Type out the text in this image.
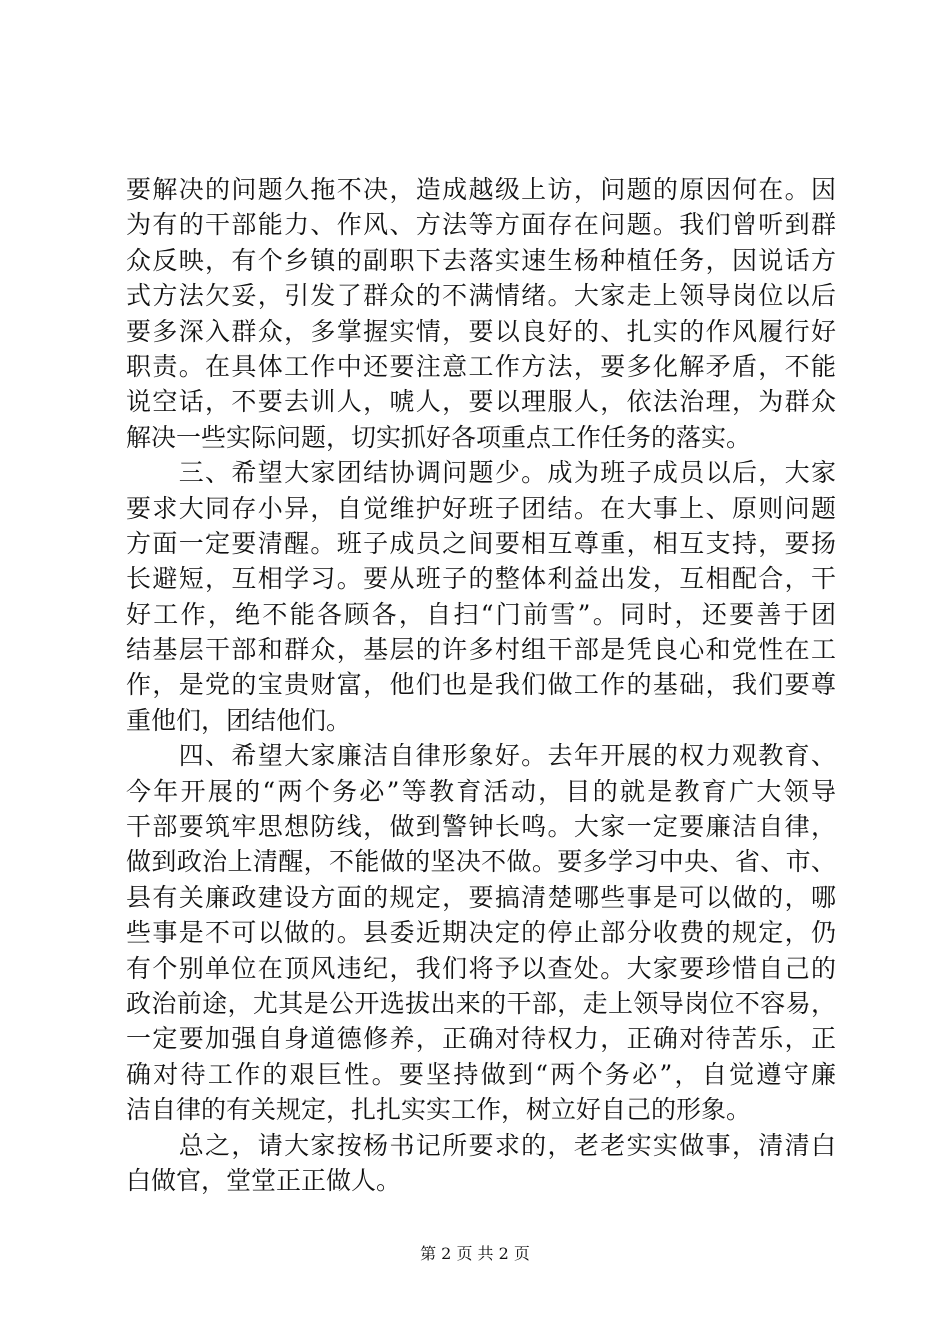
要解决的问题久拖不决，造成越级上访，问题的原因何在。因
为有的干部能力、作风、方法等方面存在问题。我们曾听到群
众反映，有个乡镇的副职下去落实速生杨种植任务，因说话方
式方法欠妥，引发了群众的不满情绪。大家走上领导岗位以后
要多深入群众，多掌握实情，要以良好的、扎实的作风履行好
职责。在具体工作中还要注意工作方法，要多化解矛盾，不能
说空话，不要去训人，唬人，要以理服人，依法治理，为群众
解决一些实际问题，切实抓好各项重点工作任务的落实。
　　三、希望大家团结协调问题少。成为班子成员以后，大家
要求大同存小异，自觉维护好班子团结。在大事上、原则问题
方面一定要清醒。班子成员之间要相互尊重，相互支持，要扬
长避短，互相学习。要从班子的整体利益出发，互相配合，干
好工作，绝不能各顾各，自扫“门前雪”。同时，还要善于团
结基层干部和群众，基层的许多村组干部是凭良心和党性在工
作，是党的宝贵财富，他们也是我们做工作的基础，我们要尊
重他们，团结他们。
　　四、希望大家廉洁自律形象好。去年开展的权力观教育、
今年开展的“两个务必”等教育活动，目的就是教育广大领导
干部要筑牢思想防线，做到警钟长鸣。大家一定要廉洁自律，
做到政治上清醒，不能做的坚决不做。要多学习中央、省、市、
县有关廉政建设方面的规定，要搞清楚哪些事是可以做的，哪
些事是不可以做的。县委近期决定的停止部分收费的规定，仍
有个别单位在顶风违纪，我们将予以查处。大家要珍惜自己的
政治前途，尤其是公开选拔出来的干部，走上领导岗位不容易，
一定要加强自身道德修养，正确对待权力，正确对待苦乐，正
确对待工作的艰巨性。要坚持做到“两个务必”，自觉遵守廉
洁自律的有关规定，扎扎实实工作，树立好自己的形象。
　　总之，请大家按杨书记所要求的，老老实实做事，清清白
白做官，堂堂正正做人。
第 2 页 共 2 页
